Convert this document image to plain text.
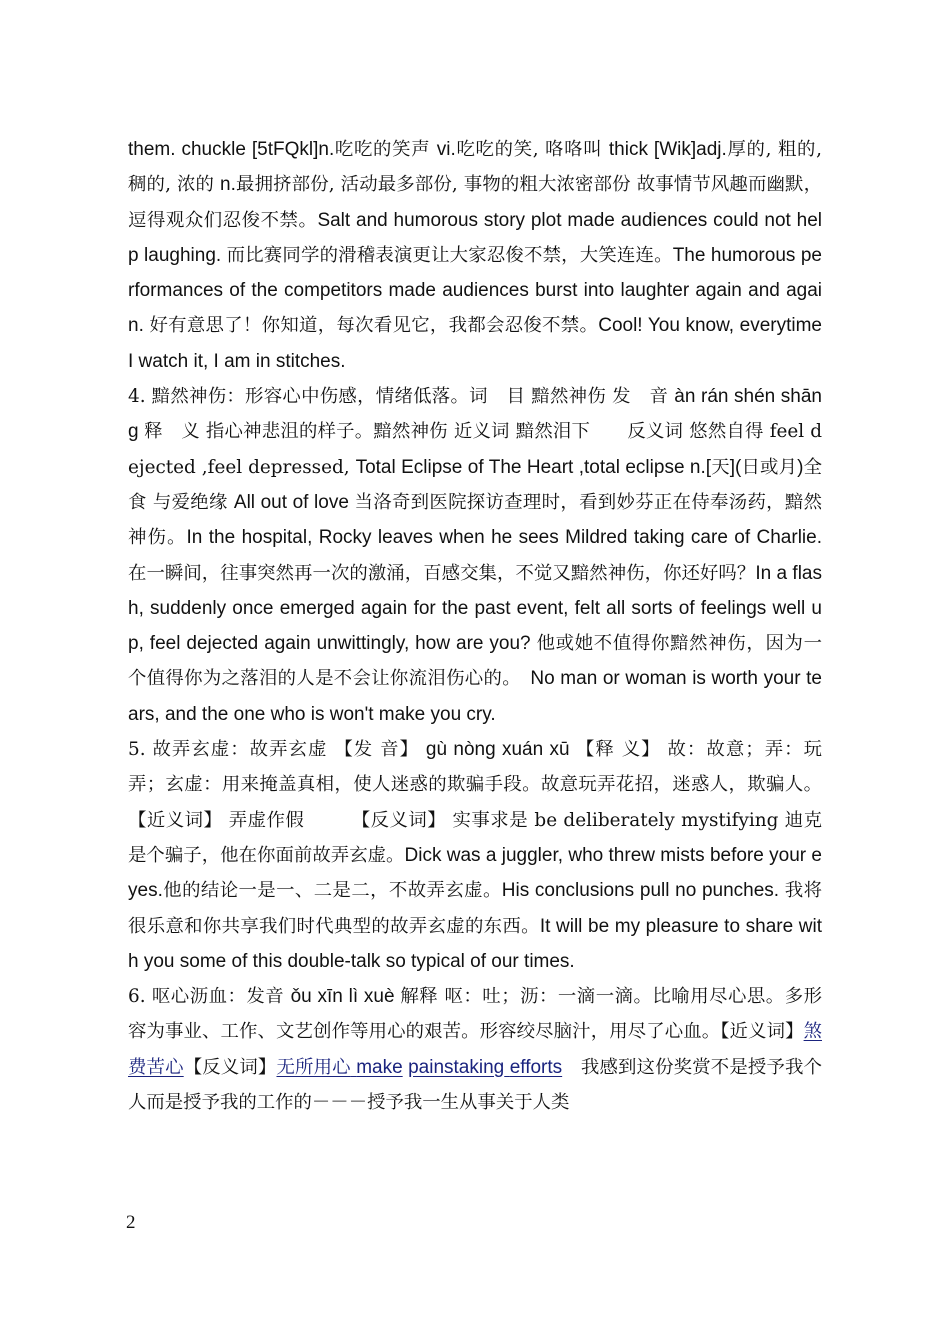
them. chuckle [5tFQkl]n.吃吃的笑声 vi.吃吃的笑, 咯咯叫 thick [Wik]adj.厚的, 粗的, 稠的, 浓的 n.最拥挤部份, 活动最多部份, 事物的粗大浓密部份 故事情节风趣而幽默，逗得观众们忍俊不禁。Salt and humorous story plot made audiences could not help laughing. 而比赛同学的滑稽表演更让大家忍俊不禁，大笑连连。The humorous performances of the competitors made audiences burst into laughter again and again. 好有意思了！你知道，每次看见它，我都会忍俊不禁。Cool! You know, everytime I watch it, I am in stitches.

4. 黯然神伤：形容心中伤感，情绪低落。词　目 黯然神伤 发　音 àn rán shén shāng 释　义 指心神悲沮的样子。黯然神伤 近义词 黯然泪下　　反义词 悠然自得 feel dejected ,feel depressed, Total Eclipse of The Heart ,total eclipse n.[天](日或月)全食 与爱绝缘 All out of love 当洛奇到医院探访查理时，看到妙芬正在侍奉汤药，黯然神伤。In the hospital, Rocky leaves when he sees Mildred taking care of Charlie.在一瞬间，往事突然再一次的激涌，百感交集，不觉又黯然神伤，你还好吗？In a flash, suddenly once emerged again for the past event, felt all sorts of feelings well up, feel dejected again unwittingly, how are you? 他或她不值得你黯然神伤，因为一个值得你为之落泪的人是不会让你流泪伤心的。　No man or woman is worth your tears, and the one who is won't make you cry.

5. 故弄玄虚：故弄玄虚 【发 音】 gù nòng xuán xū 【释 义】 故：故意；弄：玩弄；玄虚：用来掩盖真相，使人迷惑的欺骗手段。故意玩弄花招，迷惑人，欺骗人。【近义词】 弄虚作假　　　【反义词】 实事求是 be deliberately mystifying 迪克是个骗子，他在你面前故弄玄虚。Dick was a juggler, who threw mists before your eyes.他的结论一是一、二是二，不故弄玄虚。His conclusions pull no punches. 我将很乐意和你共享我们时代典型的故弄玄虚的东西。It will be my pleasure to share with you some of this double-talk so typical of our times.

6. 呕心沥血：发音 ǒu xīn lì xuè 解释 呕：吐；沥：一滴一滴。比喻用尽心思。多形容为事业、工作、文艺创作等用心的艰苦。形容绞尽脑汁，用尽了心血。【近义词】煞费苦心【反义词】无所用心 make painstaking efforts　我感到这份奖赏不是授予我个人而是授予我的工作的－－－授予我一生从事关于人类

2
